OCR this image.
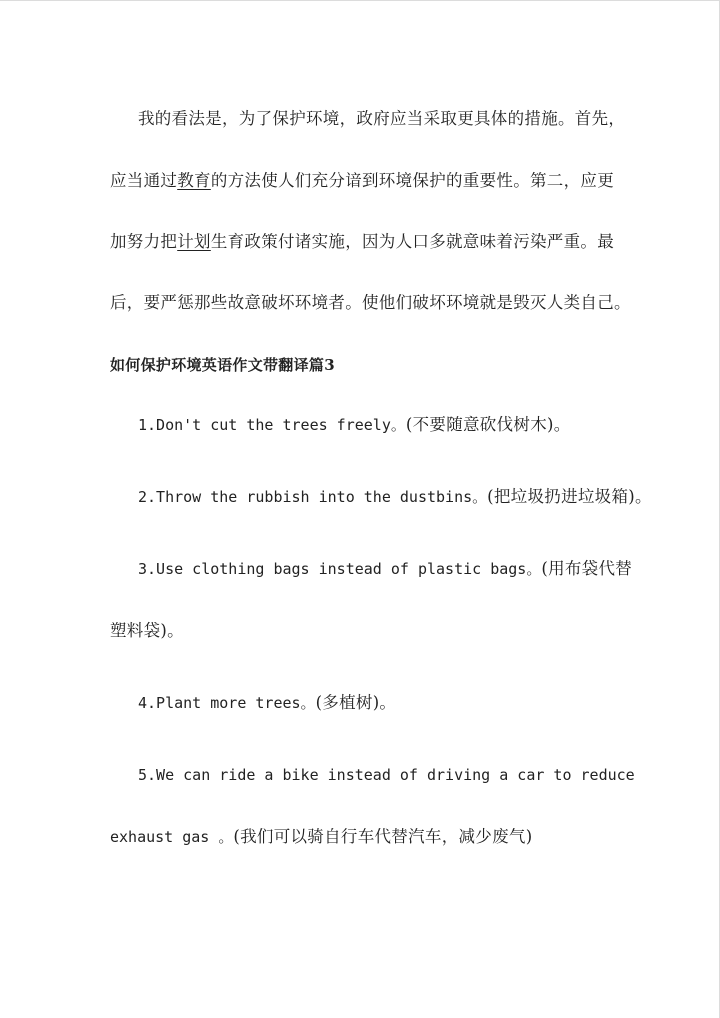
我的看法是，为了保护环境，政府应当采取更具体的措施。首先，
应当通过教育的方法使人们充分谙到环境保护的重要性。第二，应更
加努力把计划生育政策付诸实施，因为人口多就意味着污染严重。最
后，要严惩那些故意破坏环境者。使他们破坏环境就是毁灭人类自己。
如何保护环境英语作文带翻译篇3
1.Don't cut the trees freely。(不要随意砍伐树木)。
2.Throw the rubbish into the dustbins。(把垃圾扔进垃圾箱)。
3.Use clothing bags instead of plastic bags。(用布袋代替
塑料袋)。
4.Plant more trees。(多植树)。
5.We can ride a bike instead of driving a car to reduce
exhaust gas 。(我们可以骑自行车代替汽车，减少废气)
